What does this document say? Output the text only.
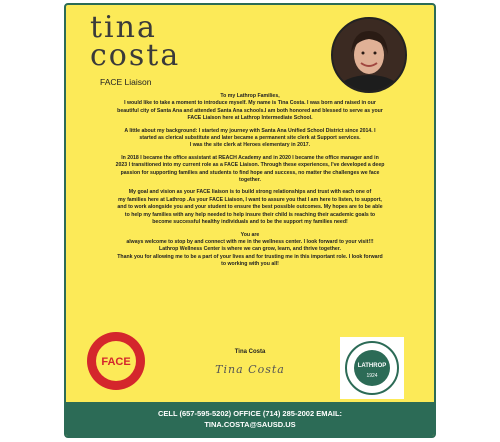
tina
costa
FACE Liaison

To my Lathrop Families,
I would like to take a moment to introduce myself. My name is Tina Costa. I was born and raised in our
beautiful city of Santa Ana and attended Santa Ana schools.I am both honored and blessed to serve as your
FACE Liaison here at Lathrop Intermediate School.

A little about my background: I started my journey with Santa Ana Unified School District since 2014. I
started as clerical substitute and later became a permanent site clerk at Support services.
I was the site clerk at Heroes elementary in 2017.

In 2018 I became the office assistant at REACH Academy and in 2020 I became the office manager and in
2023 I transitioned into my current role as a FACE Liaison. Through these experiences, I've developed a deep
passion for supporting families and students to find hope and success, no matter the challenges we face
together.

My goal and vision as your FACE liaison is to build strong relationships and trust with each one of
my families here at Lathrop .As your FACE Liaison, I want to assure you that I am here to listen, to support,
and to work alongside you and your student to ensure the best possible outcomes. My hopes are to be able
to help my families with any help needed to help insure their child is reaching their academic goals to
become successful healthy individuals and to be the support my families need!

You are
always welcome to stop by and connect with me in the wellness center. I look forward to your visit!!!
Lathrop Wellness Center is where we can grow, learn, and thrive together.
Thank you for allowing me to be a part of your lives and for trusting me in this important role. I look forward
to working with you all!

FACE
Tina Costa
Tina Costa	LATHROP
1924
CELL (657-595-5202) OFFICE (714) 285-2002 EMAIL:
TINA.COSTA@SAUSD.US
